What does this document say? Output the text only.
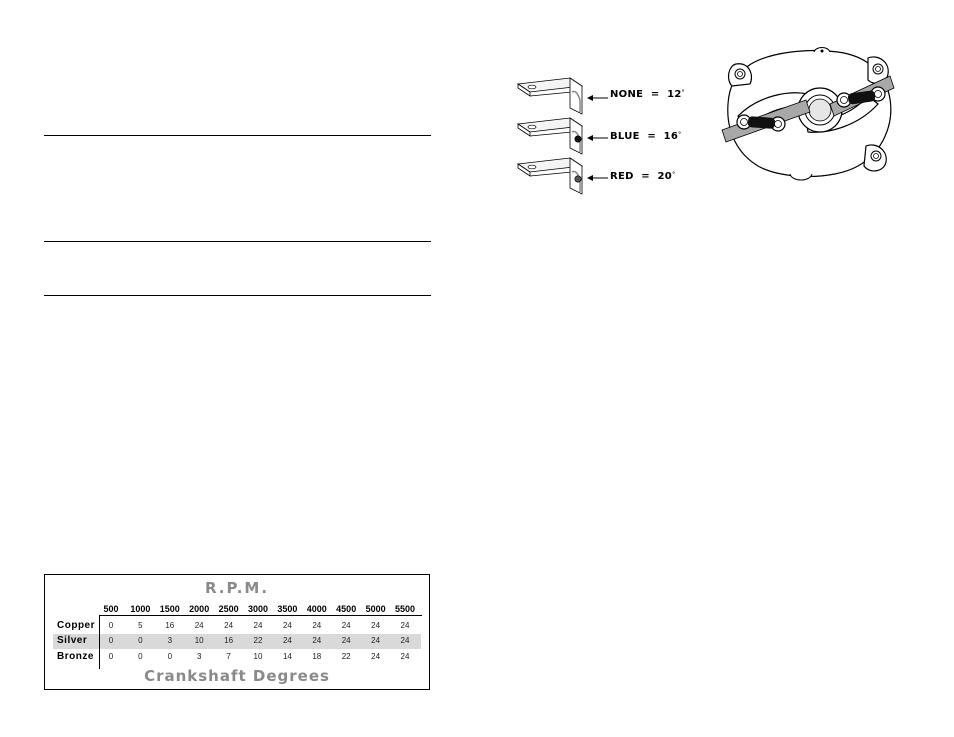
NONE  =  12°
BLUE  =  16°
RED  =  20°
R.P.M.
500	1000	1500	2000	2500	3000	3500	4000	4500	5000	5500
Copper	0	5	16	24	24	24	24	24	24	24	24
Silver	0	0	3	10	16	22	24	24	24	24	24
Bronze	0	0	0	3	7	10	14	18	22	24	24
Crankshaft Degrees
